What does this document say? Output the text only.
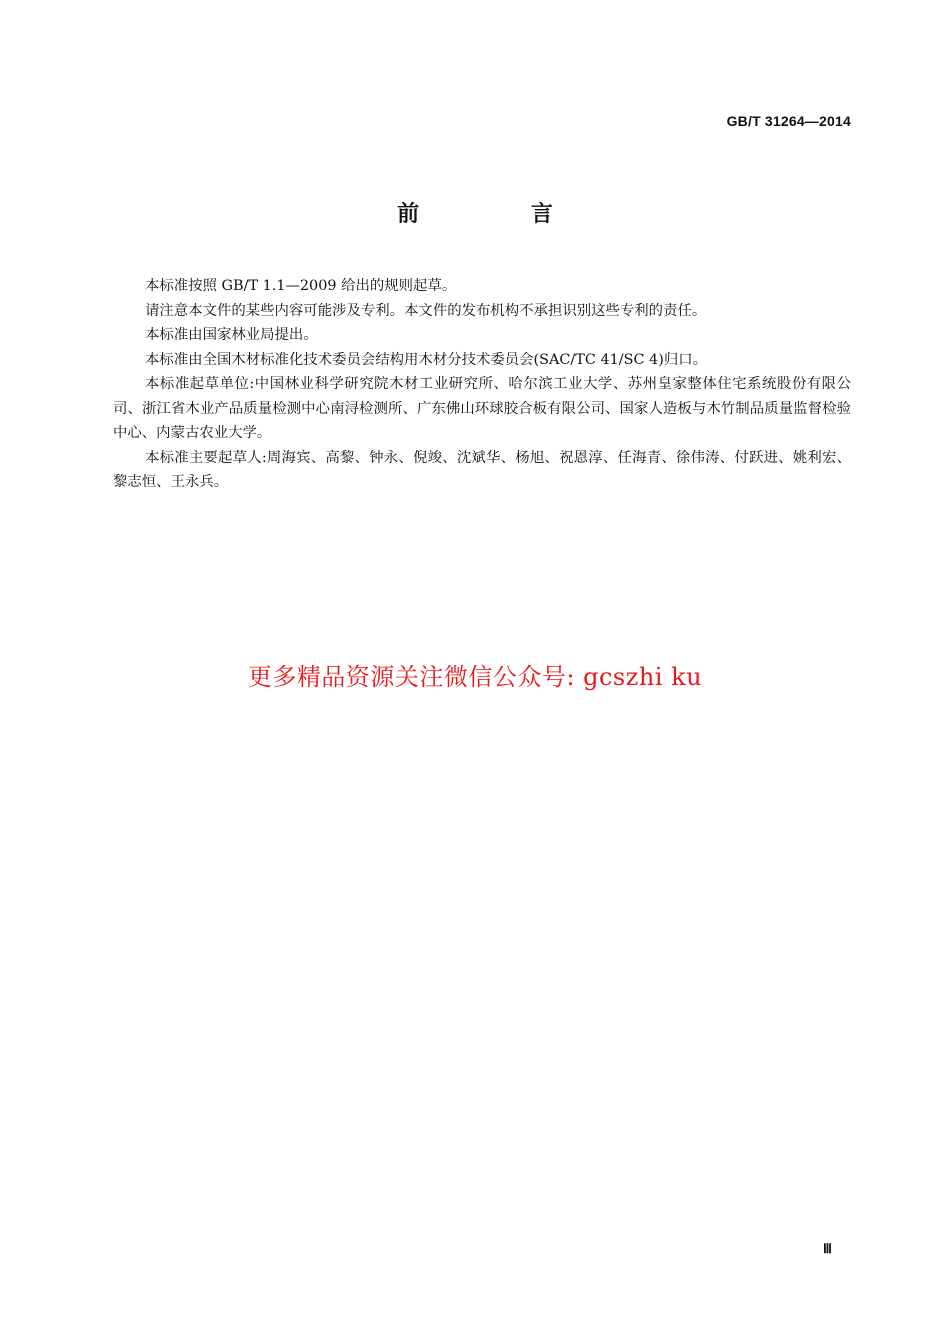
GB/T 31264—2014
前 言

本标准按照 GB/T 1.1—2009 给出的规则起草。

请注意本文件的某些内容可能涉及专利。本文件的发布机构不承担识别这些专利的责任。

本标准由国家林业局提出。

本标准由全国木材标准化技术委员会结构用木材分技术委员会(SAC/TC 41/SC 4)归口。

本标准起草单位:中国林业科学研究院木材工业研究所、哈尔滨工业大学、苏州皇家整体住宅系统股份有限公司、浙江省木业产品质量检测中心南浔检测所、广东佛山环球胶合板有限公司、国家人造板与木竹制品质量监督检验中心、内蒙古农业大学。

本标准主要起草人:周海宾、高黎、钟永、倪竣、沈斌华、杨旭、祝恩淳、任海青、徐伟涛、付跃进、姚利宏、黎志恒、王永兵。

更多精品资源关注微信公众号: gcszhi ku
Ⅲ
